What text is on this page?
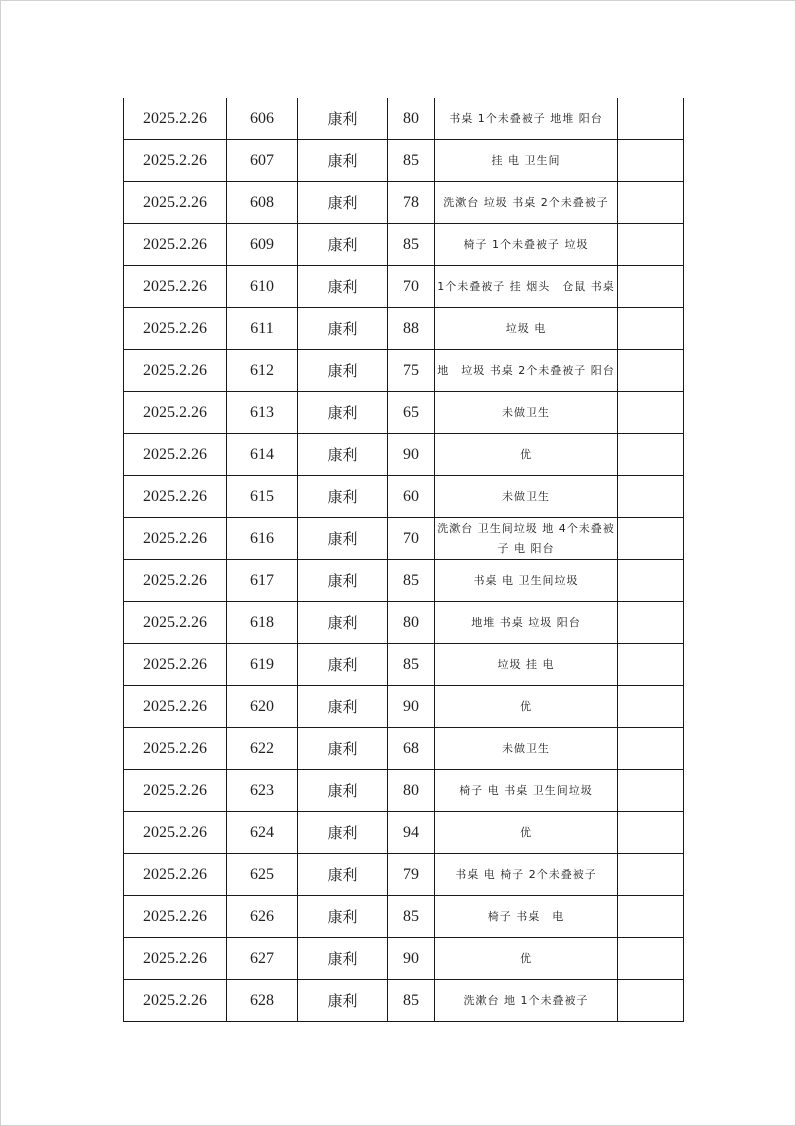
2025.2.26	606	康利	80	书桌 1个未叠被子 地堆 阳台	
2025.2.26	607	康利	85	挂 电 卫生间	
2025.2.26	608	康利	78	洗漱台 垃圾 书桌 2个未叠被子	
2025.2.26	609	康利	85	椅子 1个未叠被子 垃圾	
2025.2.26	610	康利	70	1个未叠被子 挂 烟头　仓鼠 书桌	
2025.2.26	611	康利	88	垃圾 电	
2025.2.26	612	康利	75	地　垃圾 书桌 2个未叠被子 阳台	
2025.2.26	613	康利	65	未做卫生	
2025.2.26	614	康利	90	优	
2025.2.26	615	康利	60	未做卫生	
2025.2.26	616	康利	70	洗漱台 卫生间垃圾 地 4个未叠被子 电 阳台	
2025.2.26	617	康利	85	书桌 电 卫生间垃圾	
2025.2.26	618	康利	80	地堆 书桌 垃圾 阳台	
2025.2.26	619	康利	85	垃圾 挂 电	
2025.2.26	620	康利	90	优	
2025.2.26	622	康利	68	未做卫生	
2025.2.26	623	康利	80	椅子 电 书桌 卫生间垃圾	
2025.2.26	624	康利	94	优	
2025.2.26	625	康利	79	书桌 电 椅子 2个未叠被子	
2025.2.26	626	康利	85	椅子 书桌　电	
2025.2.26	627	康利	90	优	
2025.2.26	628	康利	85	洗漱台 地 1个未叠被子	
